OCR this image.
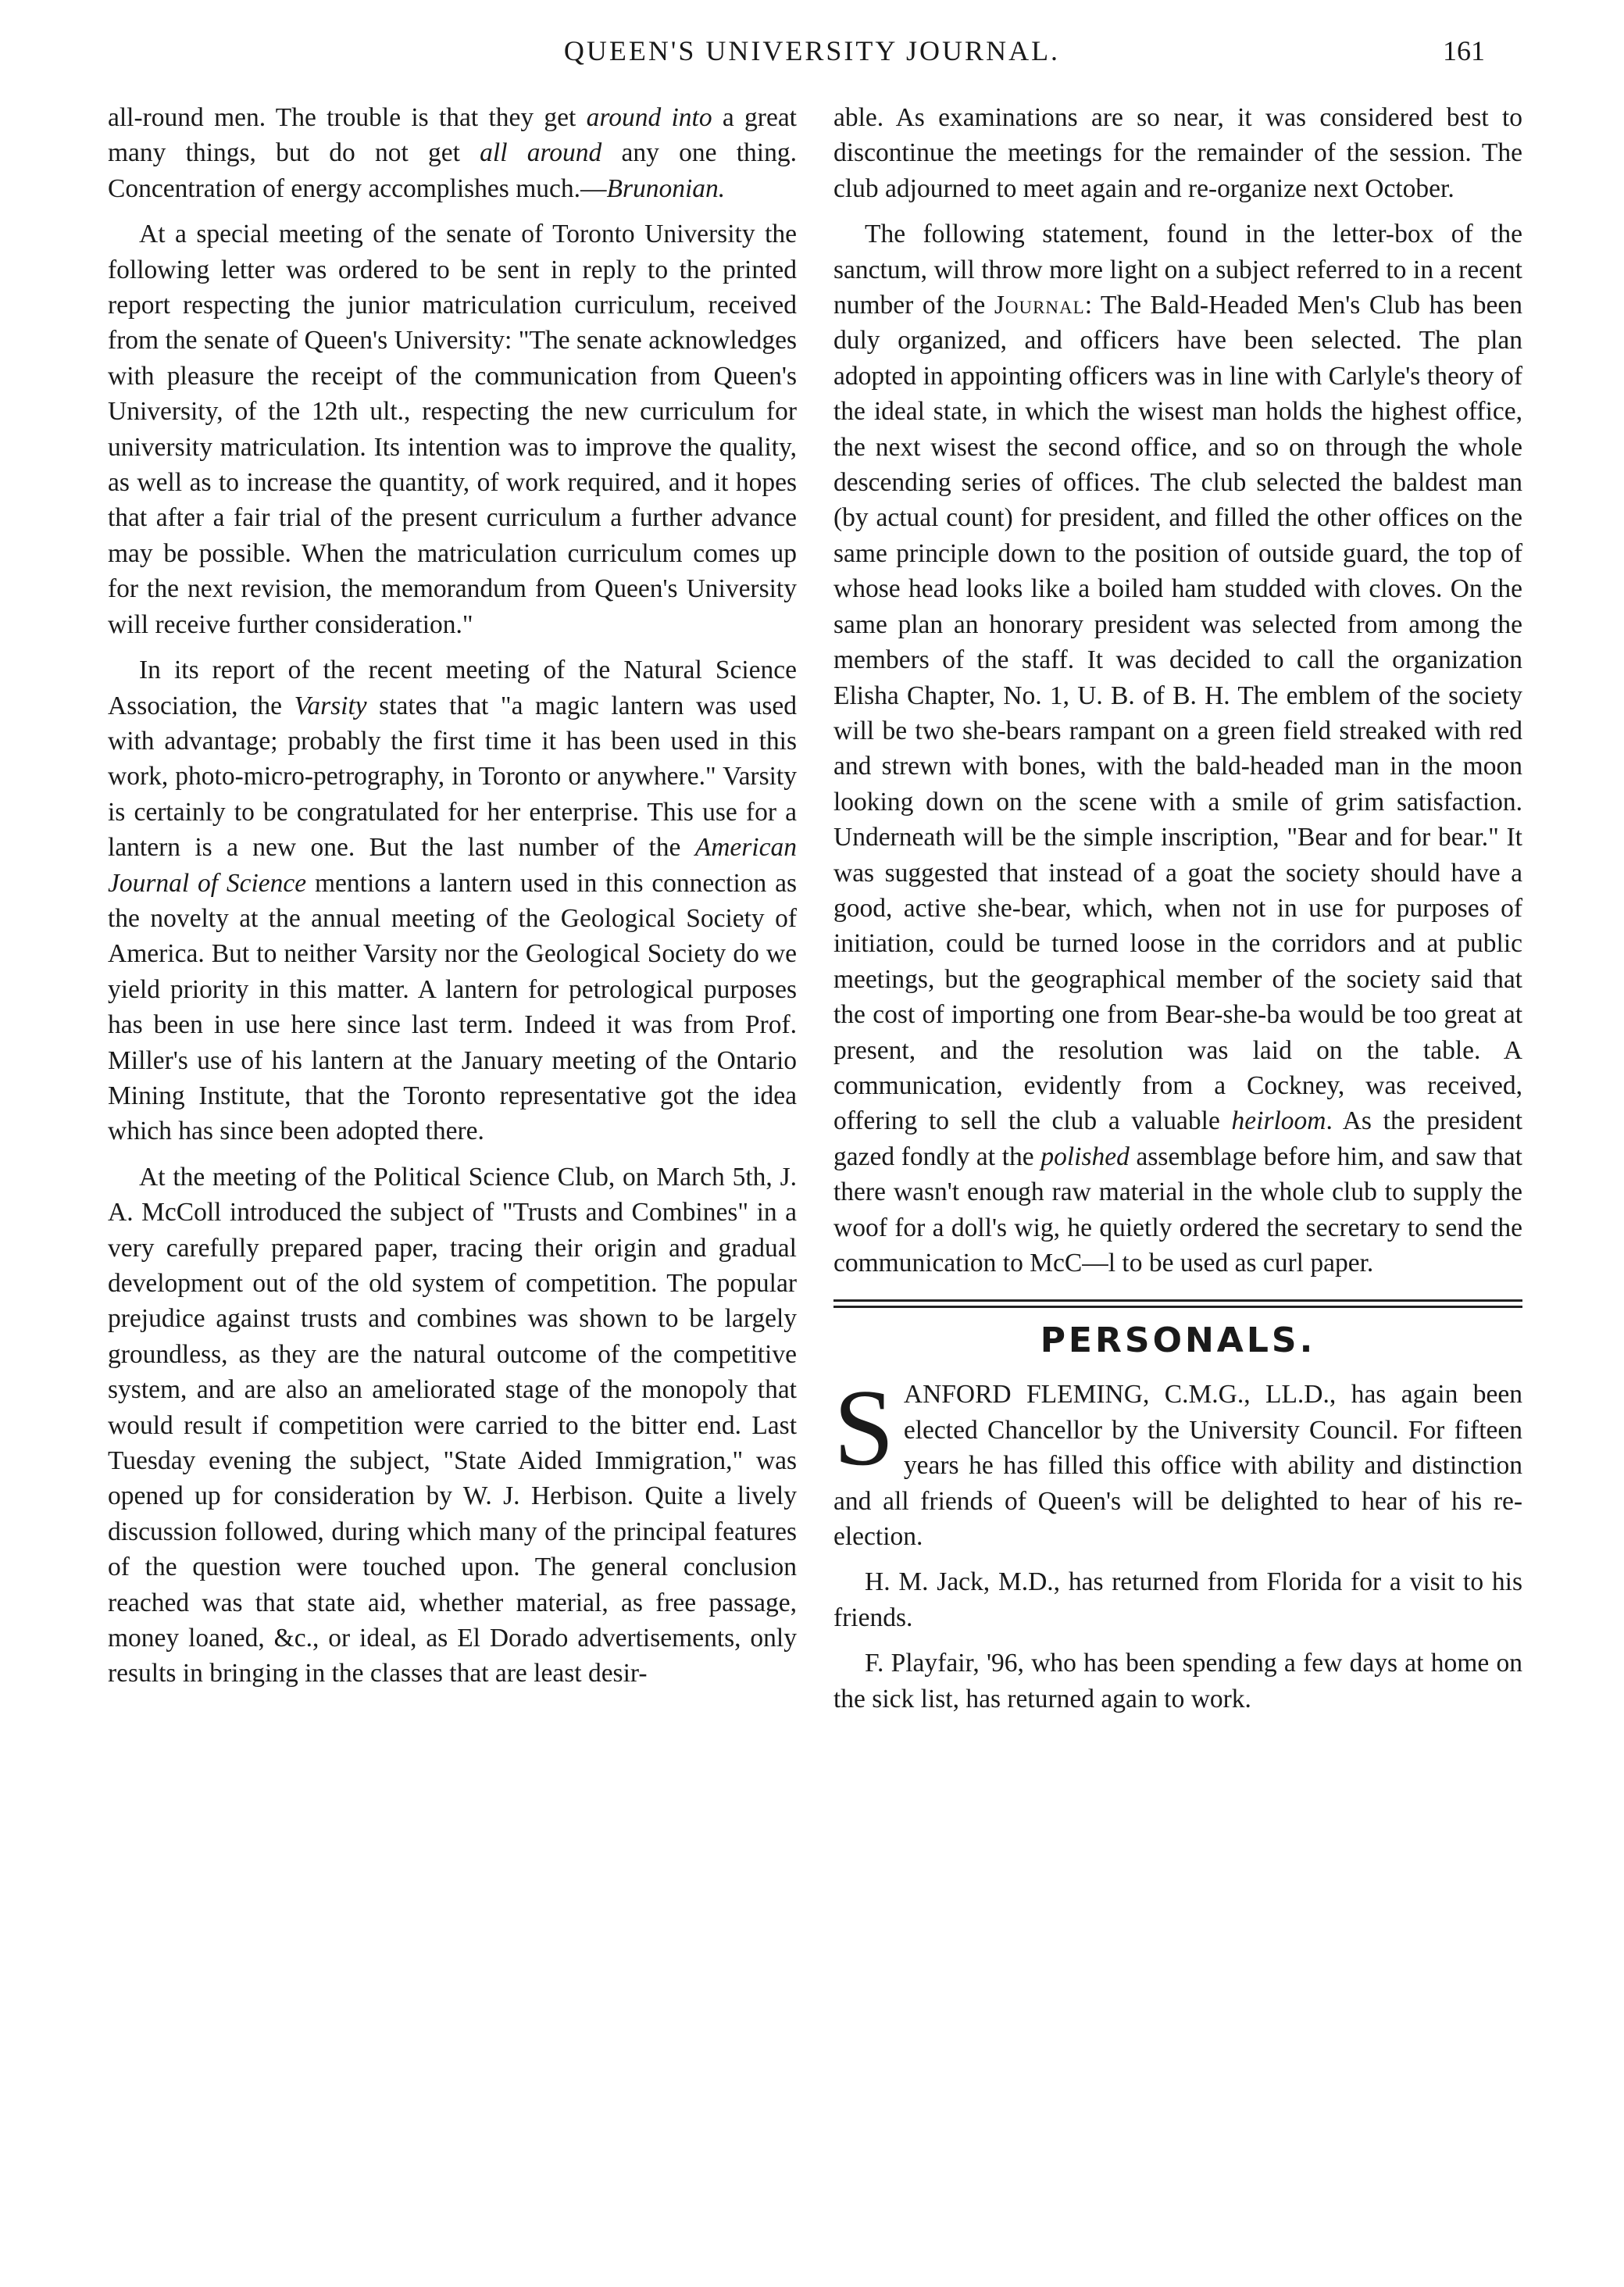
QUEEN'S UNIVERSITY JOURNAL.	161

all-round men. The trouble is that they get around into a great many things, but do not get all around any one thing. Concentration of energy accomplishes much.—Brunonian.

At a special meeting of the senate of Toronto University the following letter was ordered to be sent in reply to the printed report respecting the junior matriculation curriculum, received from the senate of Queen's University: "The senate acknowledges with pleasure the receipt of the communication from Queen's University, of the 12th ult., respecting the new curriculum for university matriculation. Its intention was to improve the quality, as well as to increase the quantity, of work required, and it hopes that after a fair trial of the present curriculum a further advance may be possible. When the matriculation curriculum comes up for the next revision, the memorandum from Queen's University will receive further consideration."

In its report of the recent meeting of the Natural Science Association, the Varsity states that "a magic lantern was used with advantage; probably the first time it has been used in this work, photo-micro-petrography, in Toronto or anywhere." Varsity is certainly to be congratulated for her enterprise. This use for a lantern is a new one. But the last number of the American Journal of Science mentions a lantern used in this connection as the novelty at the annual meeting of the Geological Society of America. But to neither Varsity nor the Geological Society do we yield priority in this matter. A lantern for petrological purposes has been in use here since last term. Indeed it was from Prof. Miller's use of his lantern at the January meeting of the Ontario Mining Institute, that the Toronto representative got the idea which has since been adopted there.

At the meeting of the Political Science Club, on March 5th, J. A. McColl introduced the subject of "Trusts and Combines" in a very carefully prepared paper, tracing their origin and gradual development out of the old system of competition. The popular prejudice against trusts and combines was shown to be largely groundless, as they are the natural outcome of the competitive system, and are also an ameliorated stage of the monopoly that would result if competition were carried to the bitter end. Last Tuesday evening the subject, "State Aided Immigration," was opened up for consideration by W. J. Herbison. Quite a lively discussion followed, during which many of the principal features of the question were touched upon. The general conclusion reached was that state aid, whether material, as free passage, money loaned, &c., or ideal, as El Dorado advertisements, only results in bringing in the classes that are least desir-

able. As examinations are so near, it was considered best to discontinue the meetings for the remainder of the session. The club adjourned to meet again and re-organize next October.

The following statement, found in the letter-box of the sanctum, will throw more light on a subject referred to in a recent number of the Journal: The Bald-Headed Men's Club has been duly organized, and officers have been selected. The plan adopted in appointing officers was in line with Carlyle's theory of the ideal state, in which the wisest man holds the highest office, the next wisest the second office, and so on through the whole descending series of offices. The club selected the baldest man (by actual count) for president, and filled the other offices on the same principle down to the position of outside guard, the top of whose head looks like a boiled ham studded with cloves. On the same plan an honorary president was selected from among the members of the staff. It was decided to call the organization Elisha Chapter, No. 1, U. B. of B. H. The emblem of the society will be two she-bears rampant on a green field streaked with red and strewn with bones, with the bald-headed man in the moon looking down on the scene with a smile of grim satisfaction. Underneath will be the simple inscription, "Bear and for bear." It was suggested that instead of a goat the society should have a good, active she-bear, which, when not in use for purposes of initiation, could be turned loose in the corridors and at public meetings, but the geographical member of the society said that the cost of importing one from Bear-she-ba would be too great at present, and the resolution was laid on the table. A communication, evidently from a Cockney, was received, offering to sell the club a valuable heirloom. As the president gazed fondly at the polished assemblage before him, and saw that there wasn't enough raw material in the whole club to supply the woof for a doll's wig, he quietly ordered the secretary to send the communication to McC—l to be used as curl paper.

PERSONALS.

SANFORD FLEMING, C.M.G., LL.D., has again been elected Chancellor by the University Council. For fifteen years he has filled this office with ability and distinction and all friends of Queen's will be delighted to hear of his re-election.

H. M. Jack, M.D., has returned from Florida for a visit to his friends.

F. Playfair, '96, who has been spending a few days at home on the sick list, has returned again to work.
